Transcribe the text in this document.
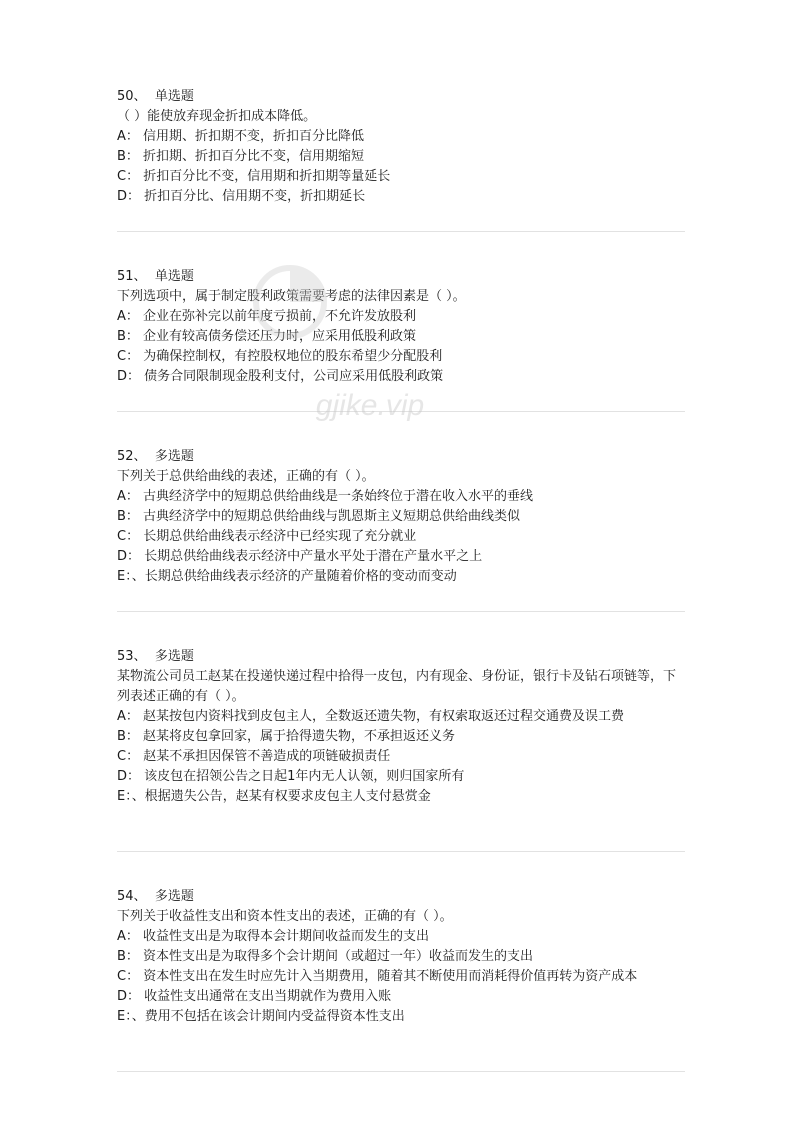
50、 单选题
（ ）能使放弃现金折扣成本降低。
A： 信用期、折扣期不变，折扣百分比降低
B： 折扣期、折扣百分比不变，信用期缩短
C： 折扣百分比不变，信用期和折扣期等量延长
D： 折扣百分比、信用期不变，折扣期延长
51、 单选题
下列选项中，属于制定股利政策需要考虑的法律因素是（ ）。
A： 企业在弥补完以前年度亏损前，不允许发放股利
B： 企业有较高债务偿还压力时，应采用低股利政策
C： 为确保控制权，有控股权地位的股东希望少分配股利
D： 债务合同限制现金股利支付，公司应采用低股利政策
52、 多选题
下列关于总供给曲线的表述，正确的有（ ）。
A： 古典经济学中的短期总供给曲线是一条始终位于潜在收入水平的垂线
B： 古典经济学中的短期总供给曲线与凯恩斯主义短期总供给曲线类似
C： 长期总供给曲线表示经济中已经实现了充分就业
D： 长期总供给曲线表示经济中产量水平处于潜在产量水平之上
E：、长期总供给曲线表示经济的产量随着价格的变动而变动
53、 多选题
某物流公司员工赵某在投递快递过程中拾得一皮包，内有现金、身份证，银行卡及钻石项链等，下列表述正确的有（ ）。
A： 赵某按包内资料找到皮包主人，全数返还遗失物，有权索取返还过程交通费及误工费
B： 赵某将皮包拿回家，属于拾得遗失物，不承担返还义务
C： 赵某不承担因保管不善造成的项链破损责任
D： 该皮包在招领公告之日起1年内无人认领，则归国家所有
E：、根据遗失公告，赵某有权要求皮包主人支付悬赏金
54、 多选题
下列关于收益性支出和资本性支出的表述，正确的有（ ）。
A： 收益性支出是为取得本会计期间收益而发生的支出
B： 资本性支出是为取得多个会计期间（或超过一年）收益而发生的支出
C： 资本性支出在发生时应先计入当期费用，随着其不断使用而消耗得价值再转为资产成本
D： 收益性支出通常在支出当期就作为费用入账
E：、费用不包括在该会计期间内受益得资本性支出
gjike.vip
